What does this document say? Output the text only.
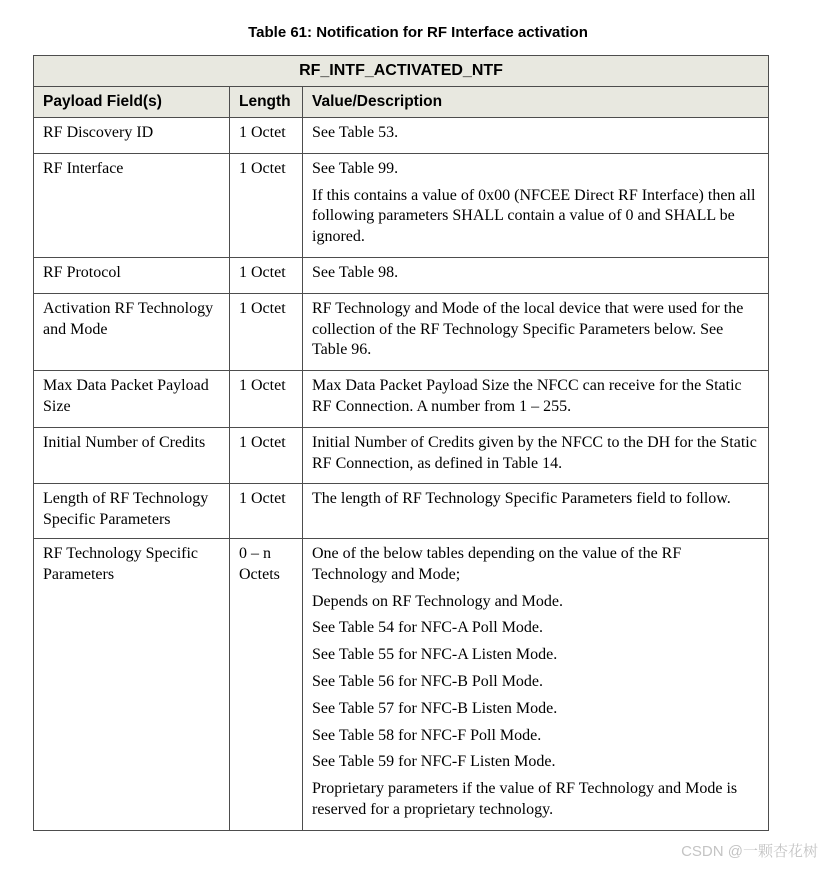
Table 61: Notification for RF Interface activation
RF_INTF_ACTIVATED_NTF		
Payload Field(s)	Length	Value/Description
RF Discovery ID	1 Octet	See Table 53.

RF Interface	1 Octet	See Table 99.

If this contains a value of 0x00 (NFCEE Direct RF Interface) then all following parameters SHALL contain a value of 0 and SHALL be ignored.

RF Protocol	1 Octet	See Table 98.

Activation RF Technology and Mode	1 Octet	RF Technology and Mode of the local device that were used for the collection of the RF Technology Specific Parameters below. See Table 96.

Max Data Packet Payload Size	1 Octet	Max Data Packet Payload Size the NFCC can receive for the Static RF Connection. A number from 1 – 255.

Initial Number of Credits	1 Octet	Initial Number of Credits given by the NFCC to the DH for the Static RF Connection, as defined in Table 14.

Length of RF Technology Specific Parameters	1 Octet	The length of RF Technology Specific Parameters field to follow.

RF Technology Specific Parameters	0 – n Octets	

One of the below tables depending on the value of the RF Technology and Mode;

Depends on RF Technology and Mode.

See Table 54 for NFC-A Poll Mode.

See Table 55 for NFC-A Listen Mode.

See Table 56 for NFC-B Poll Mode.

See Table 57 for NFC-B Listen Mode.

See Table 58 for NFC-F Poll Mode.

See Table 59 for NFC-F Listen Mode.

Proprietary parameters if the value of RF Technology and Mode is reserved for a proprietary technology.

CSDN @一颗杏花树
